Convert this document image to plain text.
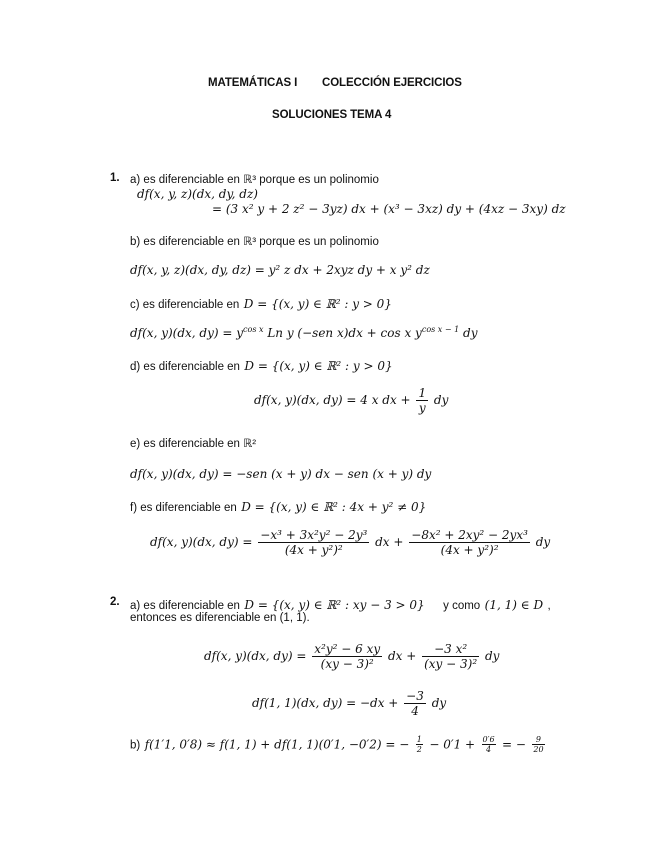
MATEMÁTICAS I COLECCIÓN EJERCICIOS
SOLUCIONES TEMA 4
1. a) es diferenciable en ℝ³ porque es un polinomio
df(x, y, z)(dx, dy, dz)
= (3 x² y + 2 z² − 3yz) dx + (x³ − 3xz) dy + (4xz − 3xy) dz
b) es diferenciable en ℝ³ porque es un polinomio
df(x, y, z)(dx, dy, dz) = y² z dx + 2xyz dy + x y² dz
c) es diferenciable en D = {(x, y) ∈ ℝ² : y > 0}
df(x, y)(dx, $dy) = y^{cos x}$ Ln y (−sen x)dx + cos x $y^{cos x - 1}$ dy
d) es diferenciable en D = {(x, y) ∈ ℝ² : y > 0}
df(x, y)(dx, dy) = 4 x dx + $\frac{1}{y}$ dy
e) es diferenciable en ℝ²
df(x, y)(dx, dy) = −sen (x + y) dx − sen (x + y) dy
f) es diferenciable en D = {(x, y) ∈ ℝ² : 4x + y² ≠ 0}
df(x, y)(dx, $dy) = \frac{\text{−x³ + 3x²y² − 2y³}}{\text{(4x + y²)²}}$ dx + $\frac{\text{−8x² + 2xy² − 2yx³}}{\text{(4x + y²)²}}$ dy
2. a) es diferenciable en D = {(x, y) ∈ ℝ² : xy − 3 > 0} y como (1, 1) ∈ D ,
entonces es diferenciable en (1, 1).
df(x, y)(dx, $dy) = \frac{\text{x²y² − 6 xy}}{\text{(xy − 3)²}}$ dx + $\frac{\text{−3 x²}}{\text{(xy − 3)²}}$ dy
df(1, 1)(dx, $dy) = -dx + \frac{-3}{4}$ dy
b) f(1′1, 0′8) ≈ f(1, 1) + df(1, 1)(0′1, −0′2) = − $\frac{1}{2} - 0'1 + \frac{0'6}{4}$ = − $\frac{9}{20}$
